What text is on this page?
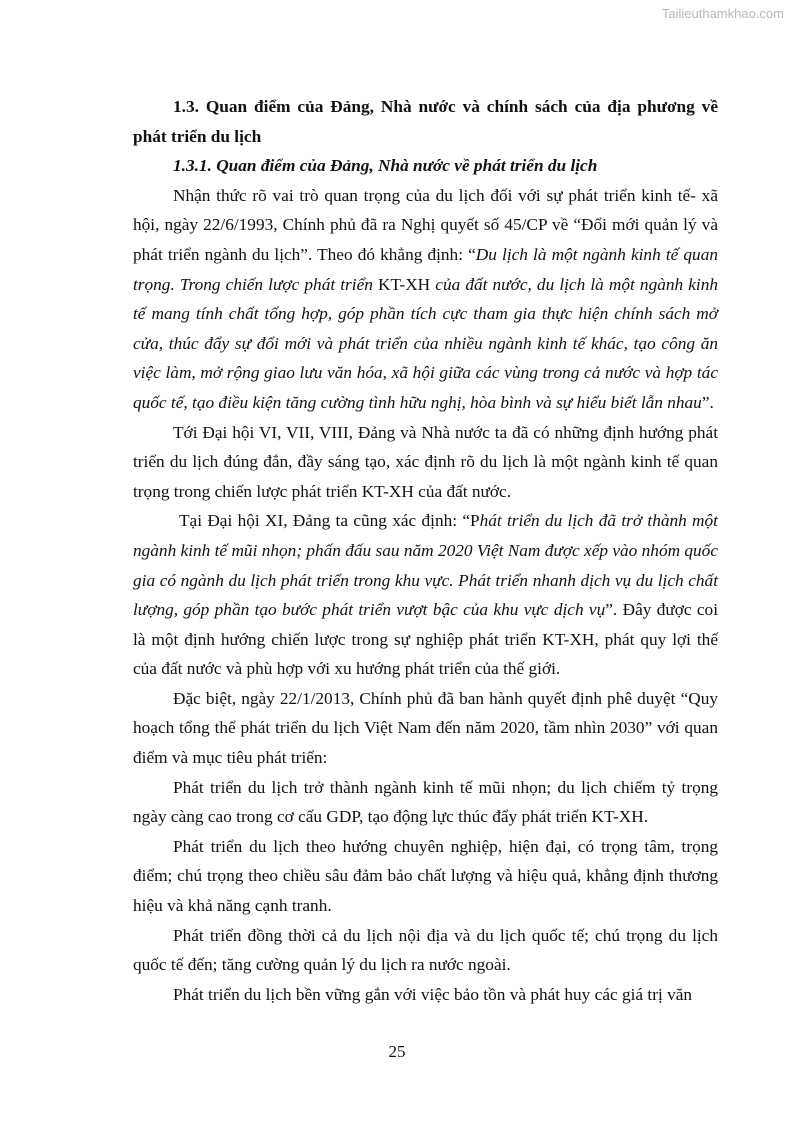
Tailieuthamkhao.com

1.3. Quan điểm của Đảng, Nhà nước và chính sách của địa phương về phát triển du lịch

1.3.1. Quan điểm của Đảng, Nhà nước về phát triển du lịch

Nhận thức rõ vai trò quan trọng của du lịch đối với sự phát triển kinh tế- xã hội, ngày 22/6/1993, Chính phủ đã ra Nghị quyết số 45/CP về “Đổi mới quản lý và phát triển ngành du lịch”. Theo đó khẳng định: “Du lịch là một ngành kinh tế quan trọng. Trong chiến lược phát triển KT-XH của đất nước, du lịch là một ngành kinh tế mang tính chất tổng hợp, góp phần tích cực tham gia thực hiện chính sách mở cửa, thúc đẩy sự đổi mới và phát triển của nhiều ngành kinh tế khác, tạo công ăn việc làm, mở rộng giao lưu văn hóa, xã hội giữa các vùng trong cả nước và hợp tác quốc tế, tạo điều kiện tăng cường tình hữu nghị, hòa bình và sự hiểu biết lẫn nhau”.

Tới Đại hội VI, VII, VIII, Đảng và Nhà nước ta đã có những định hướng phát triển du lịch đúng đắn, đầy sáng tạo, xác định rõ du lịch là một ngành kinh tế quan trọng trong chiến lược phát triển KT-XH của đất nước.

Tại Đại hội XI, Đảng ta cũng xác định: “Phát triển du lịch đã trở thành một ngành kinh tế mũi nhọn; phấn đấu sau năm 2020 Việt Nam được xếp vào nhóm quốc gia có ngành du lịch phát triển trong khu vực. Phát triển nhanh dịch vụ du lịch chất lượng, góp phần tạo bước phát triển vượt bậc của khu vực dịch vụ”. Đây được coi là một định hướng chiến lược trong sự nghiệp phát triển KT-XH, phát quy lợi thế của đất nước và phù hợp với xu hướng phát triển của thế giới.

Đặc biệt, ngày 22/1/2013, Chính phủ đã ban hành quyết định phê duyệt “Quy hoạch tổng thể phát triển du lịch Việt Nam đến năm 2020, tầm nhìn 2030” với quan điểm và mục tiêu phát triển:

Phát triển du lịch trở thành ngành kinh tế mũi nhọn; du lịch chiếm tỷ trọng ngày càng cao trong cơ cấu GDP, tạo động lực thúc đẩy phát triển KT-XH.

Phát triển du lịch theo hướng chuyên nghiệp, hiện đại, có trọng tâm, trọng điểm; chú trọng theo chiều sâu đảm bảo chất lượng và hiệu quả, khẳng định thương hiệu và khả năng cạnh tranh.

Phát triển đồng thời cả du lịch nội địa và du lịch quốc tế; chú trọng du lịch quốc tế đến; tăng cường quản lý du lịch ra nước ngoài.

Phát triển du lịch bền vững gắn với việc bảo tồn và phát huy các giá trị văn

25
